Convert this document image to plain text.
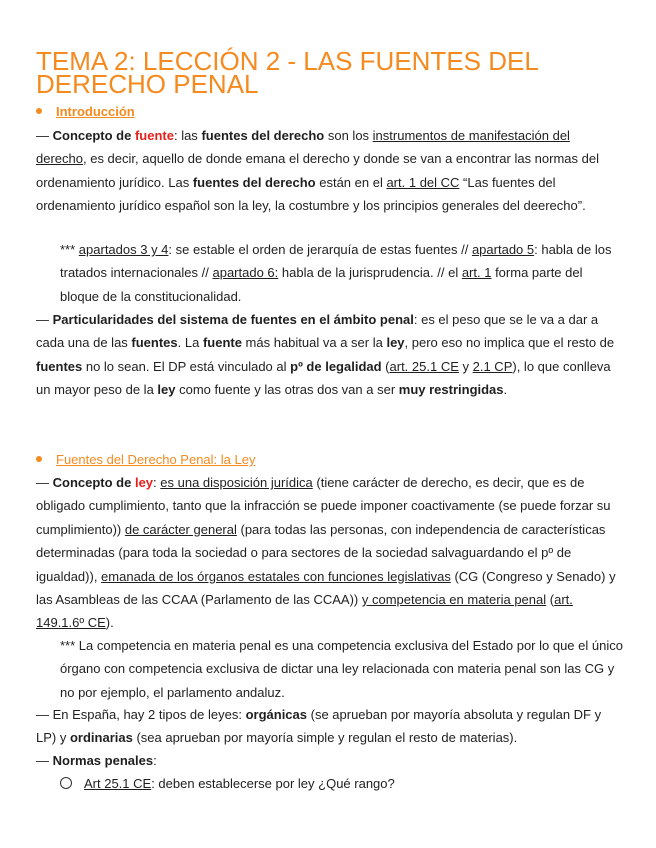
TEMA 2: LECCIÓN 2 - LAS FUENTES DEL DERECHO PENAL
Introducción

— Concepto de fuente: las fuentes del derecho son los instrumentos de manifestación del derecho, es decir, aquello de donde emana el derecho y donde se van a encontrar las normas del ordenamiento jurídico. Las fuentes del derecho están en el art. 1 del CC “Las fuentes del ordenamiento jurídico español son la ley, la costumbre y los principios generales del deerecho”.

*** apartados 3 y 4: se estable el orden de jerarquía de estas fuentes // apartado 5: habla de los tratados internacionales // apartado 6: habla de la jurisprudencia. // el art. 1 forma parte del bloque de la constitucionalidad.

— Particularidades del sistema de fuentes en el ámbito penal: es el peso que se le va a dar a cada una de las fuentes. La fuente más habitual va a ser la ley, pero eso no implica que el resto de fuentes no lo sean. El DP está vinculado al pº de legalidad (art. 25.1 CE y 2.1 CP), lo que conlleva un mayor peso de la ley como fuente y las otras dos van a ser muy restringidas.

Fuentes del Derecho Penal: la Ley

— Concepto de ley: es una disposición jurídica (tiene carácter de derecho, es decir, que es de obligado cumplimiento, tanto que la infracción se puede imponer coactivamente (se puede forzar su cumplimiento)) de carácter general (para todas las personas, con independencia de características determinadas (para toda la sociedad o para sectores de la sociedad salvaguardando el pº de igualdad)), emanada de los órganos estatales con funciones legislativas (CG (Congreso y Senado) y las Asambleas de las CCAA (Parlamento de las CCAA)) y competencia en materia penal (art. 149.1.6º CE).

*** La competencia en materia penal es una competencia exclusiva del Estado por lo que el único órgano con competencia exclusiva de dictar una ley relacionada con materia penal son las CG y no por ejemplo, el parlamento andaluz.

— En España, hay 2 tipos de leyes: orgánicas (se aprueban por mayoría absoluta y regulan DF y LP) y ordinarias (sea aprueban por mayoría simple y regulan el resto de materias).

— Normas penales:

Art 25.1 CE: deben establecerse por ley ¿Qué rango?
